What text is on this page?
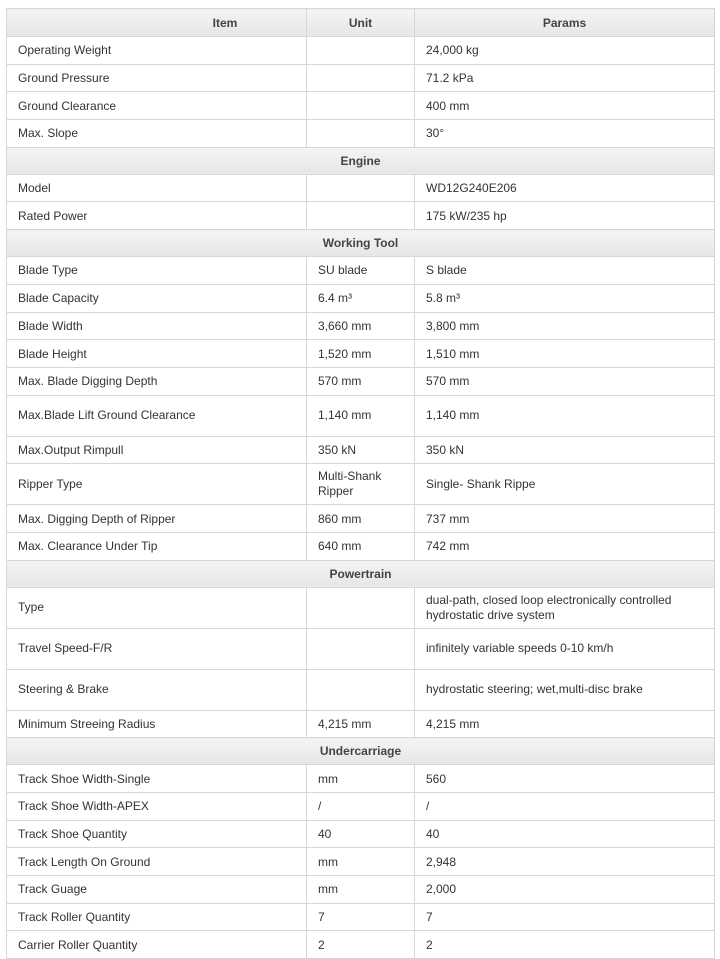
Item	Unit	Params
Operating Weight		24,000 kg
Ground Pressure		71.2 kPa
Ground Clearance		400 mm
Max. Slope		30°
Engine		
Model		WD12G240E206
Rated Power		175 kW/235 hp
Working Tool		
Blade Type	SU blade	S blade
Blade Capacity	6.4 m³	5.8 m³
Blade Width	3,660 mm	3,800 mm
Blade Height	1,520 mm	1,510 mm
Max. Blade Digging Depth	570 mm	570 mm
Max.Blade Lift Ground Clearance	1,140 mm	1,140 mm
Max.Output Rimpull	350 kN	350 kN
Ripper Type	Multi-Shank Ripper	Single- Shank Rippe
Max. Digging Depth of Ripper	860 mm	737 mm
Max. Clearance Under Tip	640 mm	742 mm
Powertrain		
Type		dual-path, closed loop electronically controlled hydrostatic drive system
Travel Speed-F/R		infinitely variable speeds 0-10 km/h
Steering & Brake		hydrostatic steering; wet,multi-disc brake
Minimum Streeing Radius	4,215 mm	4,215 mm
Undercarriage		
Track Shoe Width-Single	mm	560
Track Shoe Width-APEX	/	/
Track Shoe Quantity	40	40
Track Length On Ground	mm	2,948
Track Guage	mm	2,000
Track Roller Quantity	7	7
Carrier Roller Quantity	2	2
